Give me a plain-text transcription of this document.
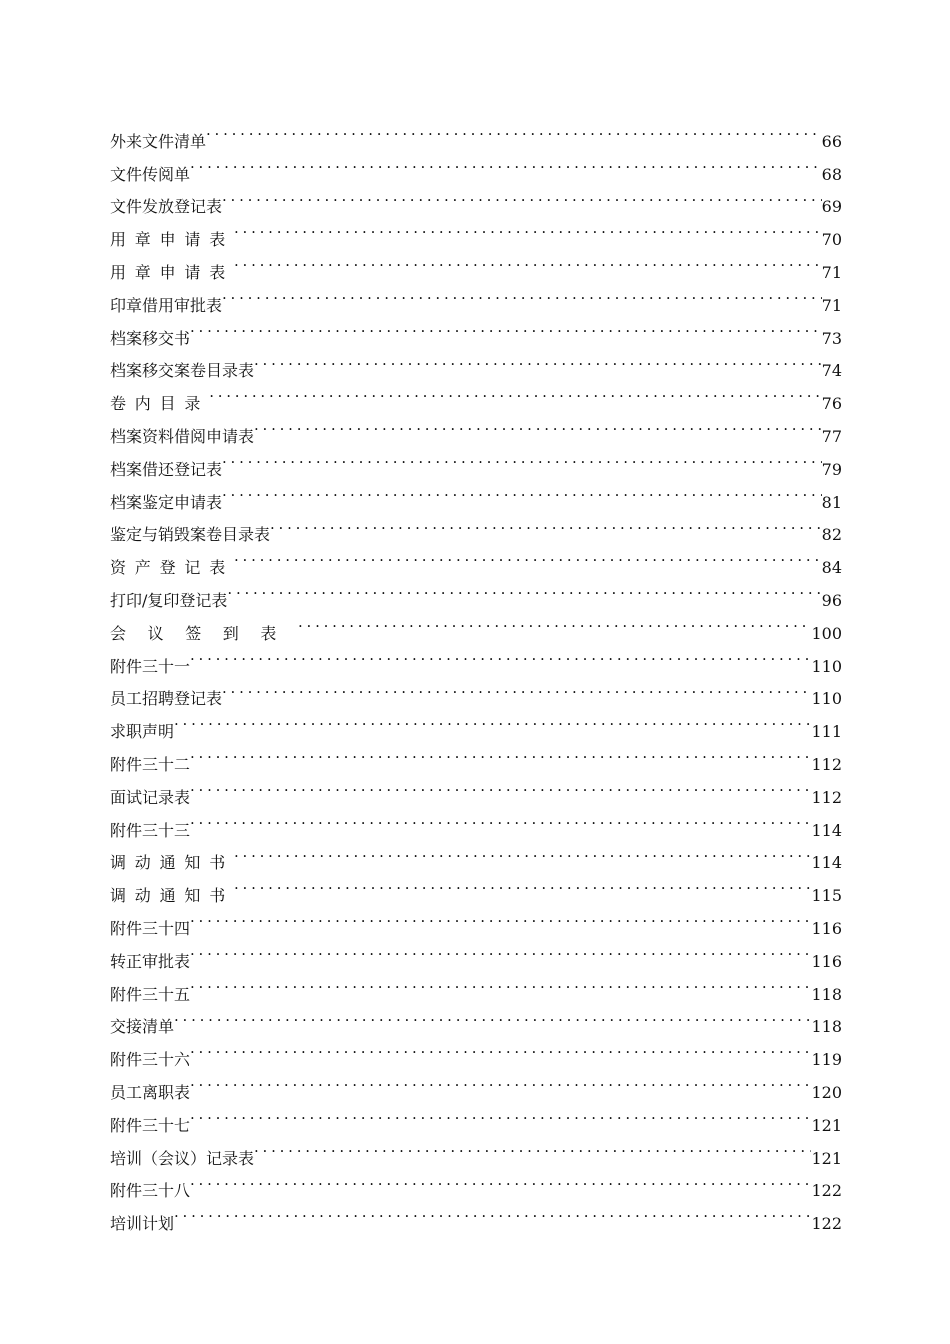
外来文件清单 . . .	66
文件传阅单 . . .	68
文件发放登记表 . . .	69
用章申请表 . . .	70
用章申请表 . . .	71
印章借用审批表 . . .	71
档案移交书 . . .	73
档案移交案卷目录表 . . .	74
卷内目录 . . .	76
档案资料借阅申请表 . . .	77
档案借还登记表 . . .	79
档案鉴定申请表 . . .	81
鉴定与销毁案卷目录表 . . .	82
资产登记表 . . .	84
打印/复印登记表 . . .	96
会议签到表 . . .	100
附件三十一 . . .	110
员工招聘登记表 . . .	110
求职声明 . . .	111
附件三十二 . . .	112
面试记录表 . . .	112
附件三十三 . . .	114
调动通知书 . . .	114
调动通知书 . . .	115
附件三十四 . . .	116
转正审批表 . . .	116
附件三十五 . . .	118
交接清单 . . .	118
附件三十六 . . .	119
员工离职表 . . .	120
附件三十七 . . .	121
培训（会议）记录表 . . .	121
附件三十八 . . .	122
培训计划 . . .	122
